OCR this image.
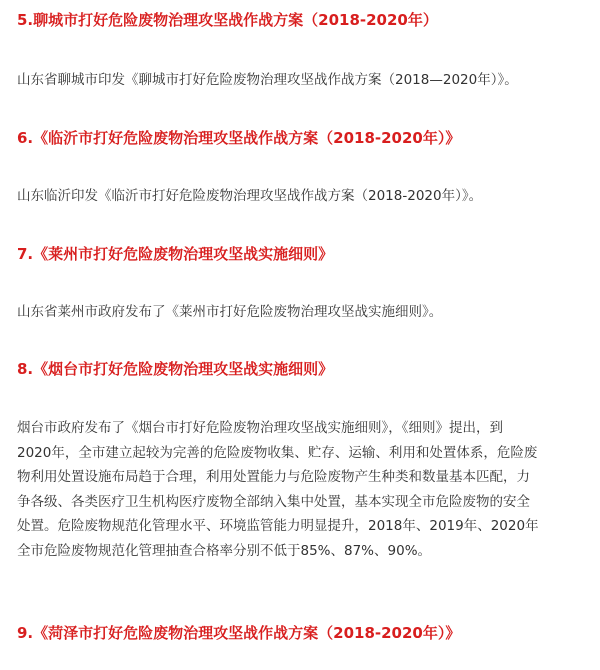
5.聊城市打好危险废物治理攻坚战作战方案（2018-2020年）

山东省聊城市印发《聊城市打好危险废物治理攻坚战作战方案（2018—2020年）》。

6.《临沂市打好危险废物治理攻坚战作战方案（2018-2020年）》

山东临沂印发《临沂市打好危险废物治理攻坚战作战方案（2018-2020年）》。

7.《莱州市打好危险废物治理攻坚战实施细则》

山东省莱州市政府发布了《莱州市打好危险废物治理攻坚战实施细则》。

8.《烟台市打好危险废物治理攻坚战实施细则》
烟台市政府发布了《烟台市打好危险废物治理攻坚战实施细则》，《细则》提出，到
2020年，全市建立起较为完善的危险废物收集、贮存、运输、利用和处置体系，危险废
物利用处置设施布局趋于合理，利用处置能力与危险废物产生种类和数量基本匹配，力
争各级、各类医疗卫生机构医疗废物全部纳入集中处置，基本实现全市危险废物的安全
处置。危险废物规范化管理水平、环境监管能力明显提升，2018年、2019年、2020年
全市危险废物规范化管理抽查合格率分别不低于85%、87%、90%。
9.《菏泽市打好危险废物治理攻坚战作战方案（2018-2020年）》
